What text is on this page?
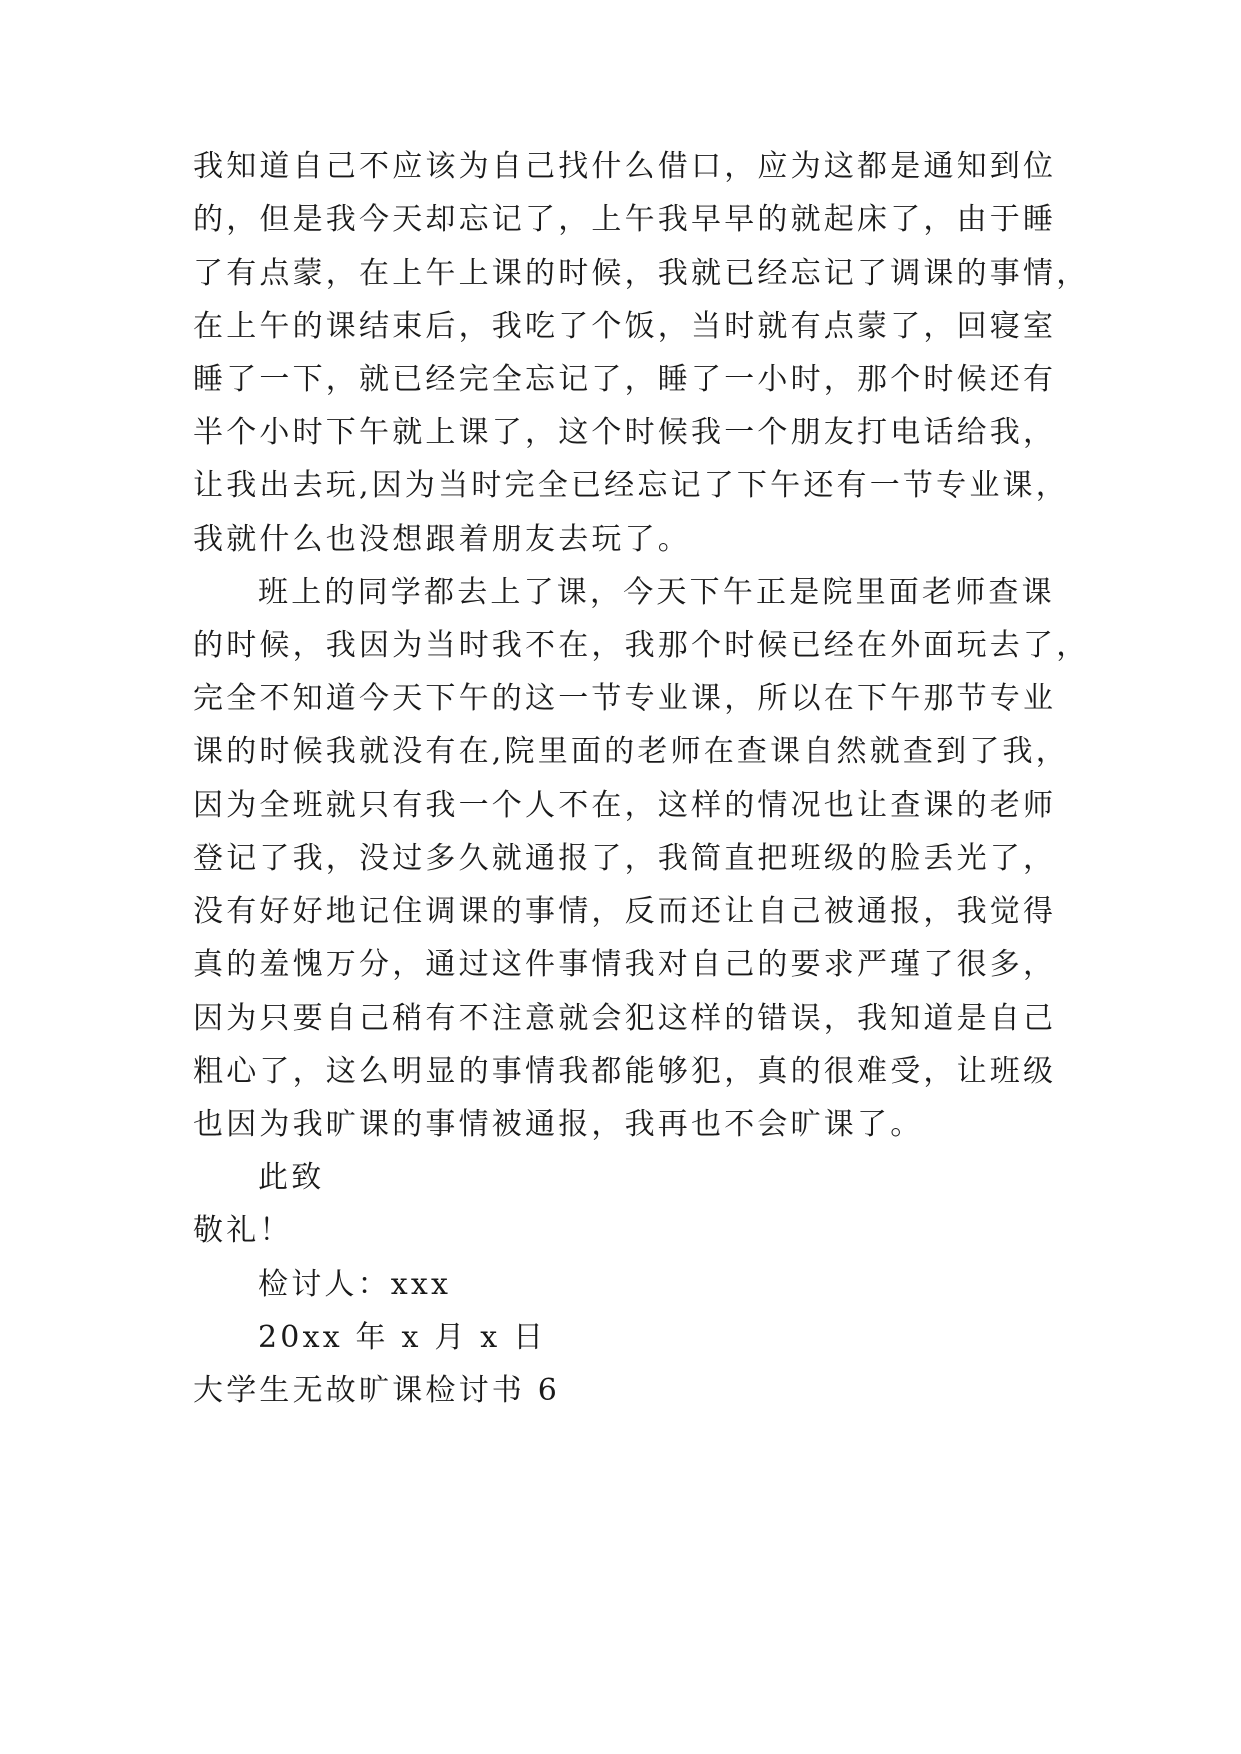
我知道自己不应该为自己找什么借口，应为这都是通知到位
的，但是我今天却忘记了，上午我早早的就起床了，由于睡
了有点蒙，在上午上课的时候，我就已经忘记了调课的事情，
在上午的课结束后，我吃了个饭，当时就有点蒙了，回寝室
睡了一下，就已经完全忘记了，睡了一小时，那个时候还有
半个小时下午就上课了，这个时候我一个朋友打电话给我，
让我出去玩,因为当时完全已经忘记了下午还有一节专业课，
我就什么也没想跟着朋友去玩了。
班上的同学都去上了课，今天下午正是院里面老师查课
的时候，我因为当时我不在，我那个时候已经在外面玩去了，
完全不知道今天下午的这一节专业课，所以在下午那节专业
课的时候我就没有在,院里面的老师在查课自然就查到了我，
因为全班就只有我一个人不在，这样的情况也让查课的老师
登记了我，没过多久就通报了，我简直把班级的脸丢光了，
没有好好地记住调课的事情，反而还让自己被通报，我觉得
真的羞愧万分，通过这件事情我对自己的要求严瑾了很多，
因为只要自己稍有不注意就会犯这样的错误，我知道是自己
粗心了，这么明显的事情我都能够犯，真的很难受，让班级
也因为我旷课的事情被通报，我再也不会旷课了。
此致
敬礼！
检讨人：xxx
20xx 年 x 月 x 日
大学生无故旷课检讨书 6
